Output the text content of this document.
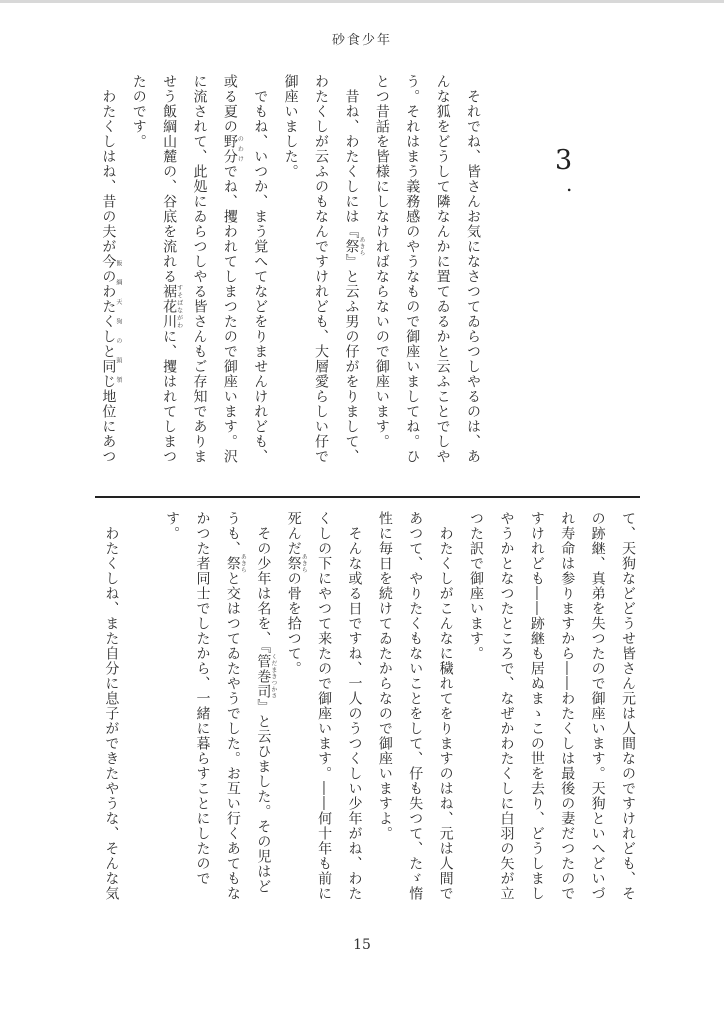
砂食少年
3
.
　それでね、皆さんお気になさつてゐらつしやるのは、あ
んな狐をどうして隣なんかに置てゐるかと云ふことでしや
う。それはまう義務感のやうなもので御座いましてね。ひ
とつ昔話を皆様にしなければならないので御座います。
　昔ね、わたくしには『祭あきら』と云ふ男の仔がをりまして、
わたくしが云ふのもなんですけれども、大層愛らしい仔で
御座いました。
　でもね、いつか、まう覚へてなどをりませんけれども、
或る夏の野分のわけでね、攫われてしまつたので御座います。沢
に流されて、此処にゐらつしやる皆さんもご存知でありま
せう飯綱山麓の、谷底を流れる裾花川すそばながわに、攫はれてしまつ
たのです。
　わたくしはね、昔の夫が今のわたくしと同じ飯綱天狗の頭領地位にあつ
て、天狗などどうせ皆さん元は人間なのですけれども、そ
の跡継、真弟を失つたので御座います。天狗といへどいづ
れ寿命は参りますから――わたくしは最後の妻だつたので
すけれども――跡継も居ぬまゝこの世を去り、どうしまし
やうかとなつたところで、なぜかわたくしに白羽の矢が立
つた訳で御座います。
　わたくしがこんなに穢れてをりますのはね、元は人間で
あつて、やりたくもないことをして、仔も失つて、たゞ惰
性に毎日を続けてゐたからなので御座いますよ。
　そんな或る日ですね、一人のうつくしい少年がね、わた
くしの下にやつて来たので御座います。――何十年も前に
死んだ祭あきらの骨を拾つて。
　その少年は名を、『管巻司くだまきつかさ』と云ひました。その児はど
うも、祭あきらと交はつてゐたやうでした。お互い行くあてもな
かつた者同士でしたから、一緒に暮らすことにしたので
す。
　わたくしね、また自分に息子ができたやうな、そんな気
15
